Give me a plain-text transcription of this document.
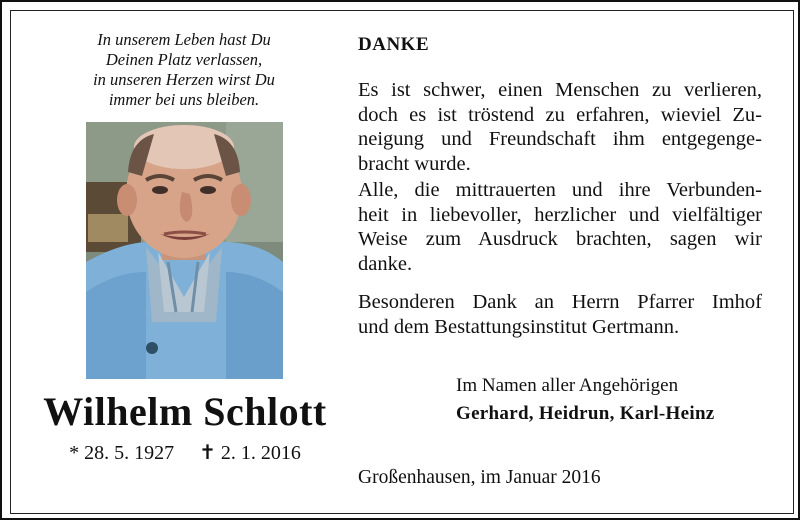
In unserem Leben hast Du
Deinen Platz verlassen,
in unseren Herzen wirst Du
immer bei uns bleiben.
Wilhelm Schlott
* 28. 5. 1927 ✝ 2. 1. 2016
DANKE
Es ist schwer, einen Menschen zu verlieren,
doch es ist tröstend zu erfahren, wieviel Zu-
neigung und Freundschaft ihm entgegenge-
bracht wurde.
Alle, die mittrauerten und ihre Verbunden-
heit in liebevoller, herzlicher und vielfältiger
Weise zum Ausdruck brachten, sagen wir
danke.
Besonderen Dank an Herrn Pfarrer Imhof
und dem Bestattungsinstitut Gertmann.
Im Namen aller Angehörigen
Gerhard, Heidrun, Karl-Heinz
Großenhausen, im Januar 2016
